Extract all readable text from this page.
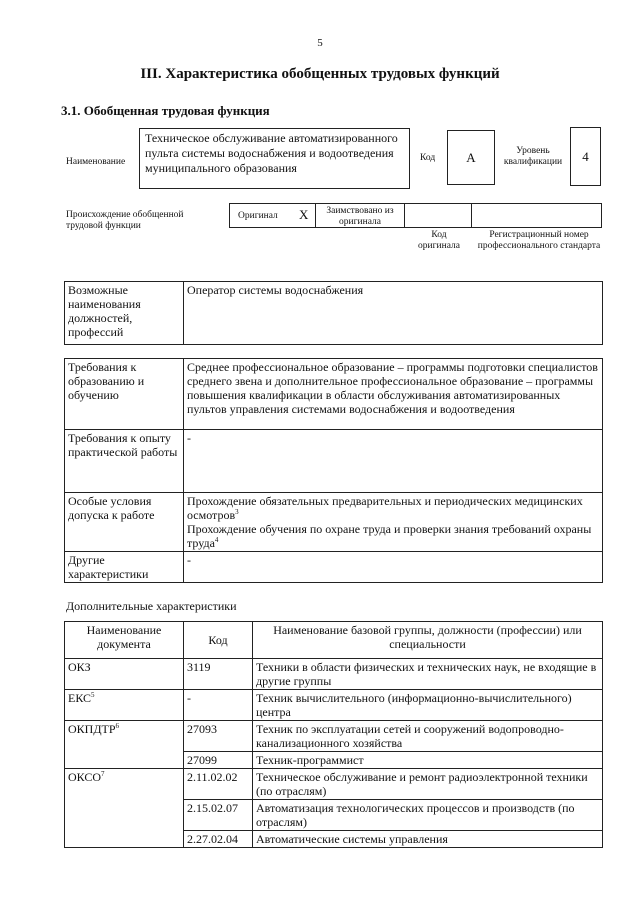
5
III. Характеристика обобщенных трудовых функций
3.1. Обобщенная трудовая функция
Наименование
Техническое обслуживание автоматизированного пульта системы водоснабжения и водоотведения муниципального образования
Код А	Уровень квалификации 4
Происхождение обобщенной трудовой функции
Оригинал Х	Заимствовано из оригинала
Код оригинала
Регистрационный номер профессионального стандарта
Возможные наименования должностей, профессий	Оператор системы водоснабжения
Требования к образованию и обучению	Среднее профессиональное образование – программы подготовки специалистов среднего звена и дополнительное профессиональное образование – программы повышения квалификации в области обслуживания автоматизированных пультов управления системами водоснабжения и водоотведения
Требования к опыту практической работы	-
Особые условия допуска к работе	Прохождение обязательных предварительных и периодических медицинских осмотров$^3$
Прохождение обучения по охране труда и проверки знания требований охраны труда$^4$
Другие характеристики	-
Дополнительные характеристики
Наименование документа	Код	Наименование базовой группы, должности (профессии) или специальности
ОКЗ	3119	Техники в области физических и технических наук, не входящие в другие группы
ЕКС$^5$	-	Техник вычислительного (информационно-вычислительного) центра
ОКПДТР$^6$	27093	Техник по эксплуатации сетей и сооружений водопроводно-канализационного хозяйства
	27099	Техник-программист
ОКСО$^7$	2.11.02.02	Техническое обслуживание и ремонт радиоэлектронной техники (по отраслям)
	2.15.02.07	Автоматизация технологических процессов и производств (по отраслям)
	2.27.02.04	Автоматические системы управления
